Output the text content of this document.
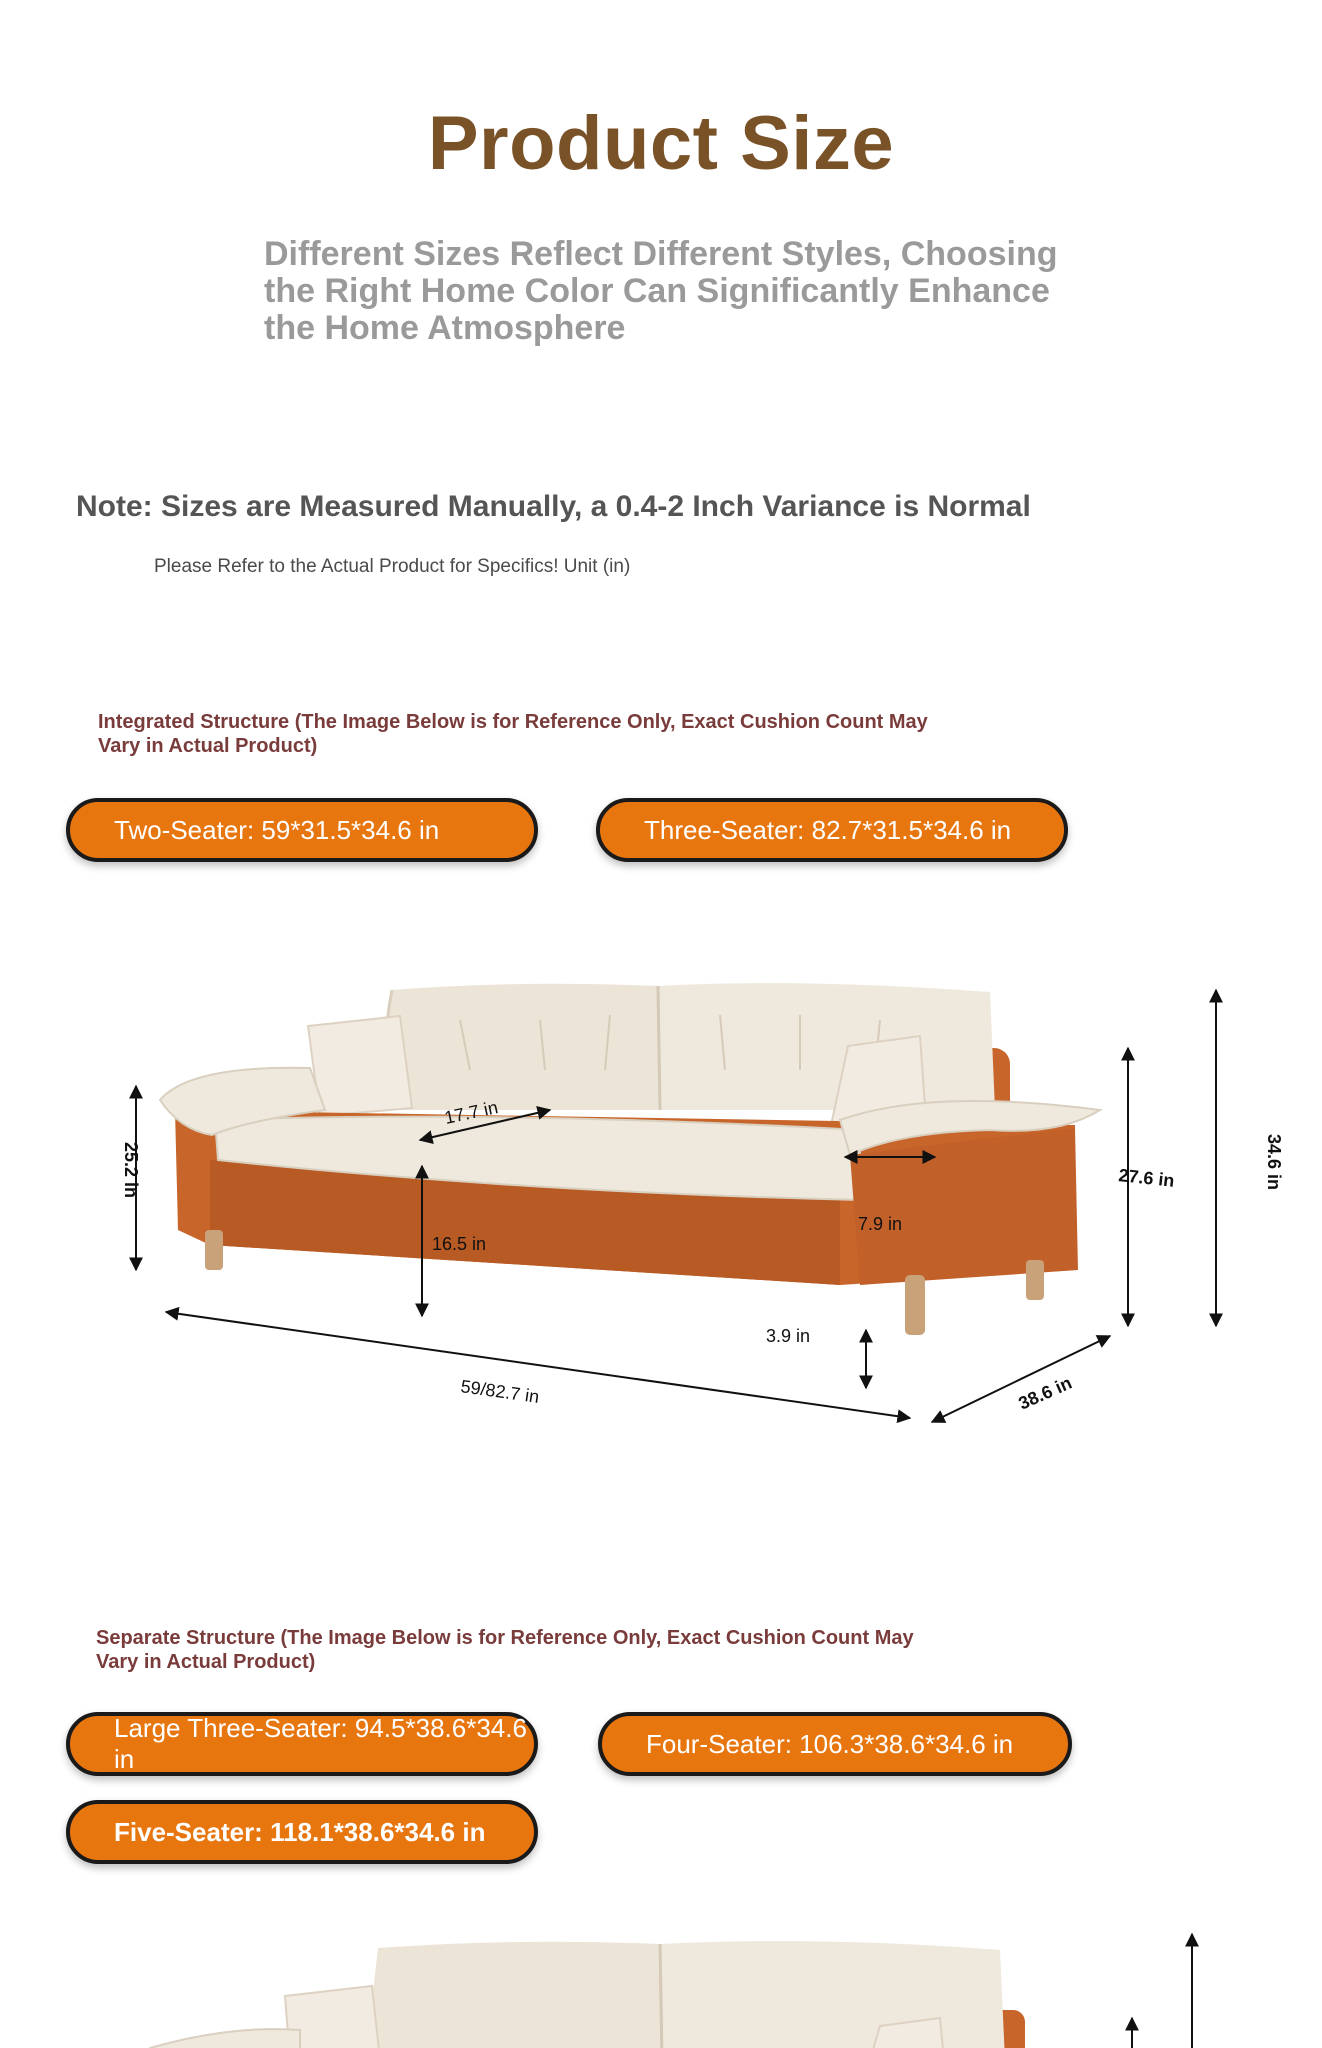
Product Size
Different Sizes Reflect Different Styles, Choosing the Right Home Color Can Significantly Enhance the Home Atmosphere
Note: Sizes are Measured Manually, a 0.4-2 Inch Variance is Normal
Please Refer to the Actual Product for Specifics! Unit (in)
Integrated Structure (The Image Below is for Reference Only, Exact Cushion Count May Vary in Actual Product)
Two-Seater: 59*31.5*34.6 in	Three-Seater: 82.7*31.5*34.6 in
25.2 in
17.7 in
16.5 in
7.9 in
27.6 in	34.6 in
3.9 in
59/82.7 in	38.6 in
Separate Structure (The Image Below is for Reference Only, Exact Cushion Count May Vary in Actual Product)
Large Three-Seater: 94.5*38.6*34.6 in
Four-Seater: 106.3*38.6*34.6 in
Five-Seater: 118.1*38.6*34.6 in
